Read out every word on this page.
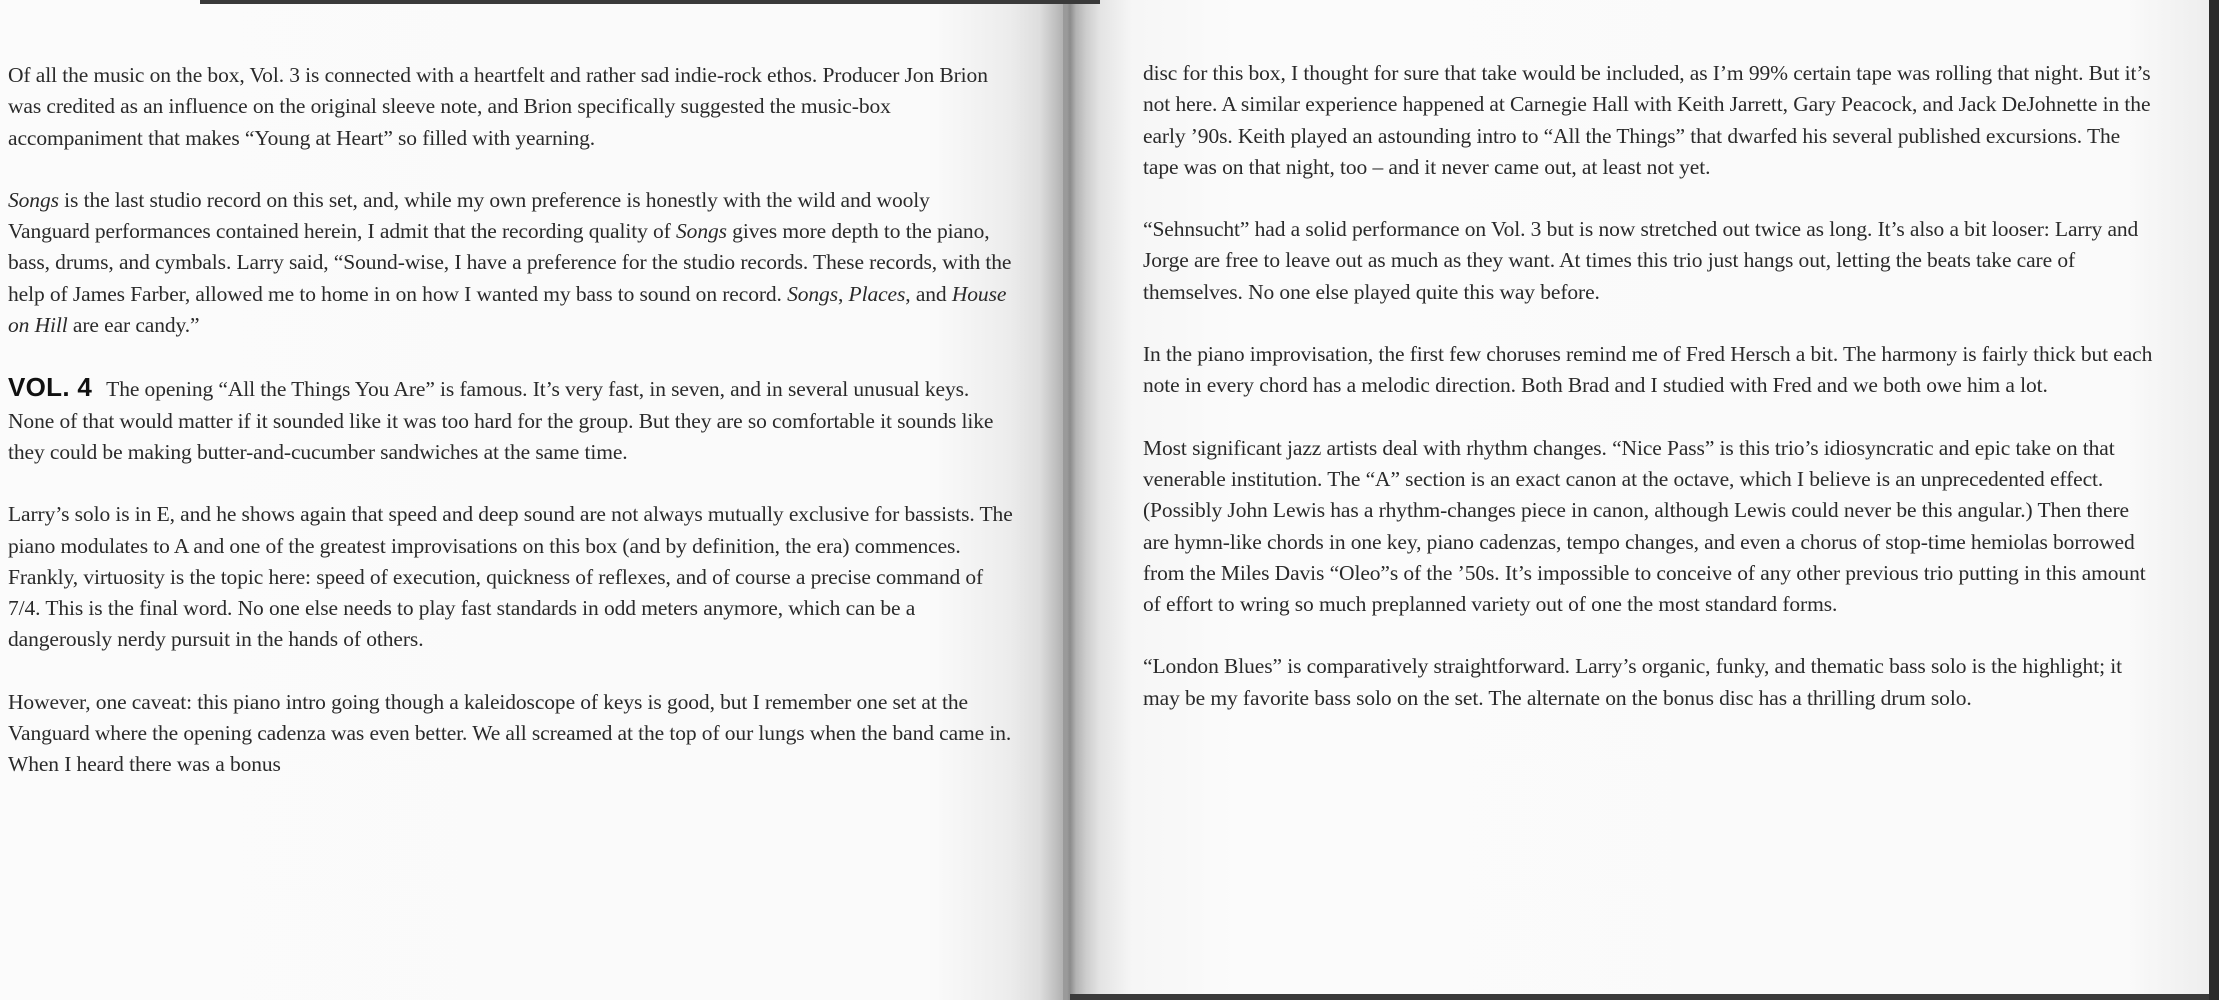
Of all the music on the box, Vol. 3 is connected with a heartfelt and rather sad indie-rock ethos. Producer Jon Brion was credited as an influence on the original sleeve note, and Brion specifically suggested the music-box accompaniment that makes “Young at Heart” so filled with yearning.

Songs is the last studio record on this set, and, while my own preference is honestly with the wild and wooly Vanguard performances contained herein, I admit that the recording quality of Songs gives more depth to the piano, bass, drums, and cymbals. Larry said, “Sound-wise, I have a preference for the studio records. These records, with the help of James Farber, allowed me to home in on how I wanted my bass to sound on record. Songs, Places, and House on Hill are ear candy.”

VOL. 4 The opening “All the Things You Are” is famous. It’s very fast, in seven, and in several unusual keys. None of that would matter if it sounded like it was too hard for the group. But they are so comfortable it sounds like they could be making butter-and-cucumber sandwiches at the same time.

Larry’s solo is in E, and he shows again that speed and deep sound are not always mutually exclusive for bassists. The piano modulates to A and one of the greatest improvisations on this box (and by definition, the era) commences. Frankly, virtuosity is the topic here: speed of execution, quickness of reflexes, and of course a precise command of 7/4. This is the final word. No one else needs to play fast standards in odd meters anymore, which can be a dangerously nerdy pursuit in the hands of others.

However, one caveat: this piano intro going though a kaleidoscope of keys is good, but I remember one set at the Vanguard where the opening cadenza was even better. We all screamed at the top of our lungs when the band came in. When I heard there was a bonus

disc for this box, I thought for sure that take would be included, as I’m 99% certain tape was rolling that night. But it’s not here. A similar experience happened at Carnegie Hall with Keith Jarrett, Gary Peacock, and Jack DeJohnette in the early ’90s. Keith played an astounding intro to “All the Things” that dwarfed his several published excursions. The tape was on that night, too – and it never came out, at least not yet.

“Sehnsucht” had a solid performance on Vol. 3 but is now stretched out twice as long. It’s also a bit looser: Larry and Jorge are free to leave out as much as they want. At times this trio just hangs out, letting the beats take care of themselves. No one else played quite this way before.

In the piano improvisation, the first few choruses remind me of Fred Hersch a bit. The harmony is fairly thick but each note in every chord has a melodic direction. Both Brad and I studied with Fred and we both owe him a lot.

Most significant jazz artists deal with rhythm changes. “Nice Pass” is this trio’s idiosyncratic and epic take on that venerable institution. The “A” section is an exact canon at the octave, which I believe is an unprecedented effect. (Possibly John Lewis has a rhythm-changes piece in canon, although Lewis could never be this angular.) Then there are hymn-like chords in one key, piano cadenzas, tempo changes, and even a chorus of stop-time hemiolas borrowed from the Miles Davis “Oleo”s of the ’50s. It’s impossible to conceive of any other previous trio putting in this amount of effort to wring so much preplanned variety out of one the most standard forms.

“London Blues” is comparatively straightforward. Larry’s organic, funky, and thematic bass solo is the highlight; it may be my favorite bass solo on the set. The alternate on the bonus disc has a thrilling drum solo.
